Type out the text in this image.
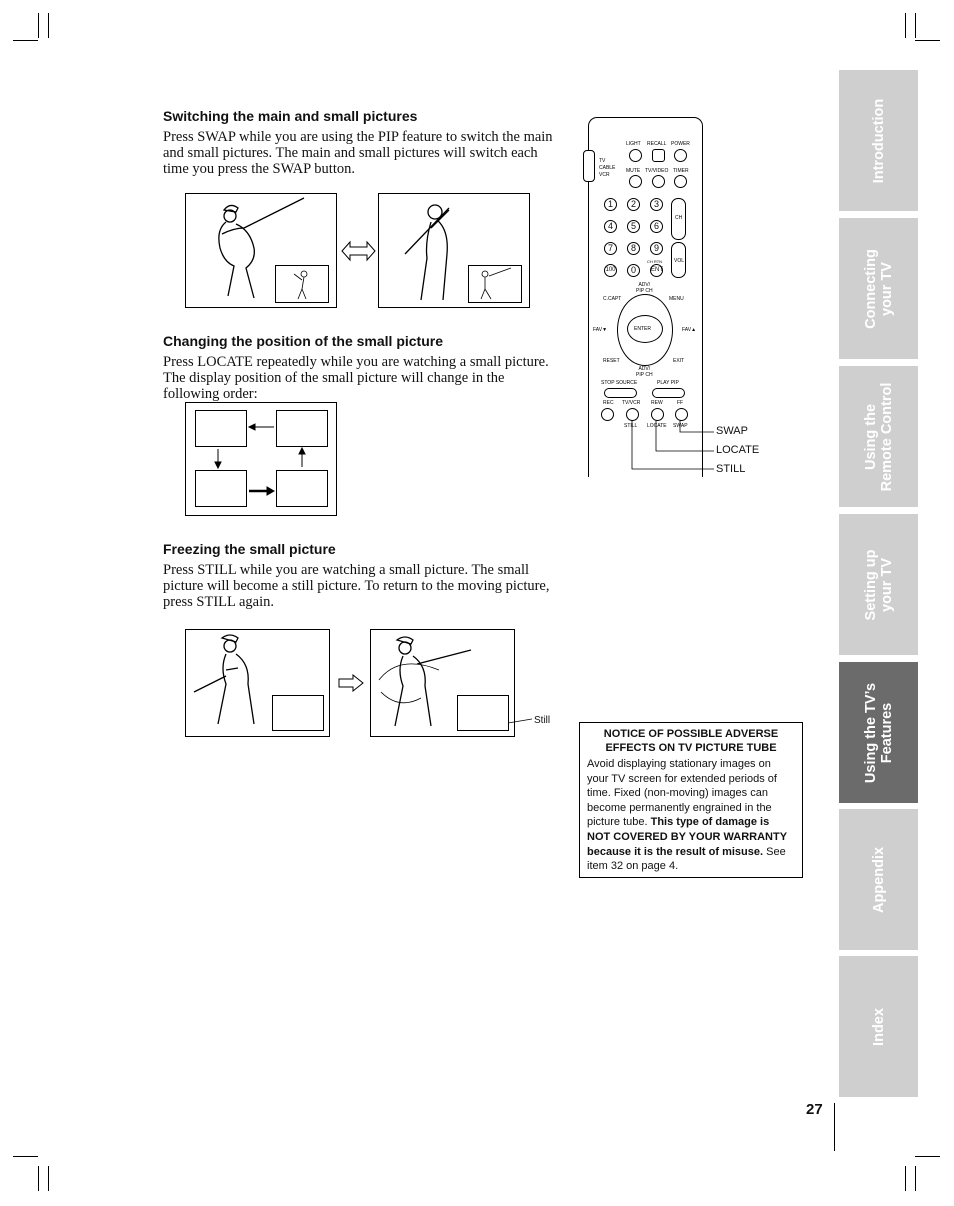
Switching the main and small pictures
Press SWAP while you are using the PIP feature to switch the main and small pictures. The main and small pictures will switch each time you press the SWAP button.
Changing the position of the small picture
Press LOCATE repeatedly while you are watching a small picture. The display position of the small picture will change in the following order:
Freezing the small picture
Press STILL while you are watching a small picture. The small picture will become a still picture. To return to the moving picture, press STILL again.
Still
LIGHT RECALL POWER
MUTE TV/VIDEO TIMER
TV
CABLE
VCR
1	2	3
4	5	6
7	8	9
100	0	ENT
CH
CH RTN VOL
ADV/
PIP CH
ENTER
FAV▼	FAV▲
C.CAPT	MENU
RESET	EXIT
ADV/
PIP CH
STOP SOURCE	PLAY PIP
REC TV/VCR REW	FF
STILL LOCATE SWAP	SWAP
LOCATE
STILL
NOTICE OF POSSIBLE ADVERSE
EFFECTS ON TV PICTURE TUBE
Avoid displaying stationary images on your TV screen for extended periods of time. Fixed (non-moving) images can become permanently engrained in the picture tube. This type of damage is NOT COVERED BY YOUR WARRANTY because it is the result of misuse. See item 32 on page 4.
Introduction
Connecting
your TV
Using the
Remote Control
Setting up
your TV
Using the TV’s
Features
Appendix
Index
27
